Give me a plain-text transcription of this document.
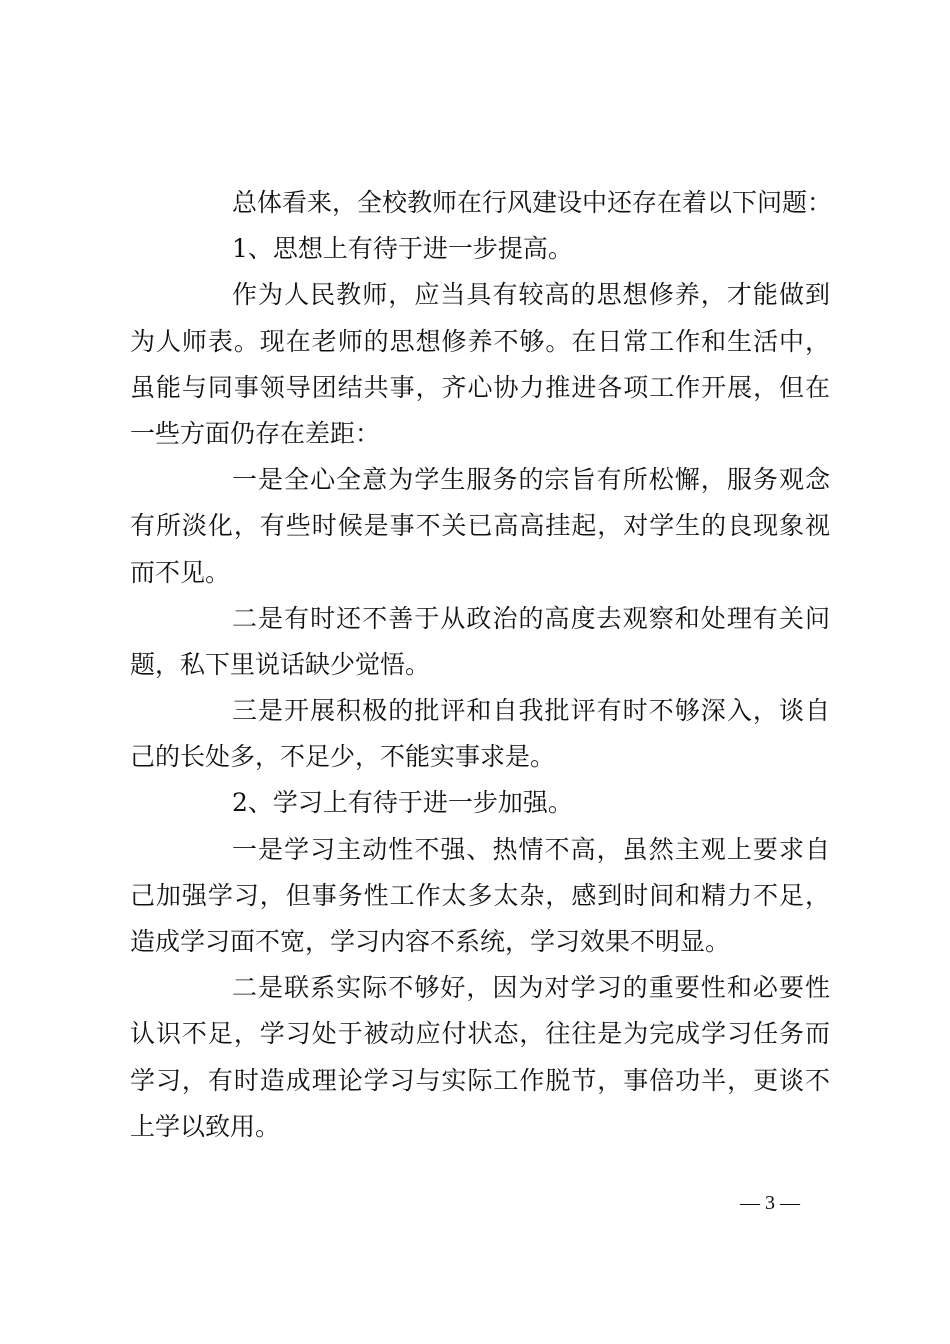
总体看来，全校教师在行风建设中还存在着以下问题：
1、思想上有待于进一步提高。
作为人民教师，应当具有较高的思想修养，才能做到
为人师表。现在老师的思想修养不够。在日常工作和生活中，
虽能与同事领导团结共事，齐心协力推进各项工作开展，但在
一些方面仍存在差距：
一是全心全意为学生服务的宗旨有所松懈，服务观念
有所淡化，有些时候是事不关已高高挂起，对学生的良现象视
而不见。
二是有时还不善于从政治的高度去观察和处理有关问
题，私下里说话缺少觉悟。
三是开展积极的批评和自我批评有时不够深入，谈自
己的长处多，不足少，不能实事求是。
2、学习上有待于进一步加强。
一是学习主动性不强、热情不高，虽然主观上要求自
己加强学习，但事务性工作太多太杂，感到时间和精力不足，
造成学习面不宽，学习内容不系统，学习效果不明显。
二是联系实际不够好，因为对学习的重要性和必要性
认识不足，学习处于被动应付状态，往往是为完成学习任务而
学习，有时造成理论学习与实际工作脱节，事倍功半，更谈不
上学以致用。
— 3 —
